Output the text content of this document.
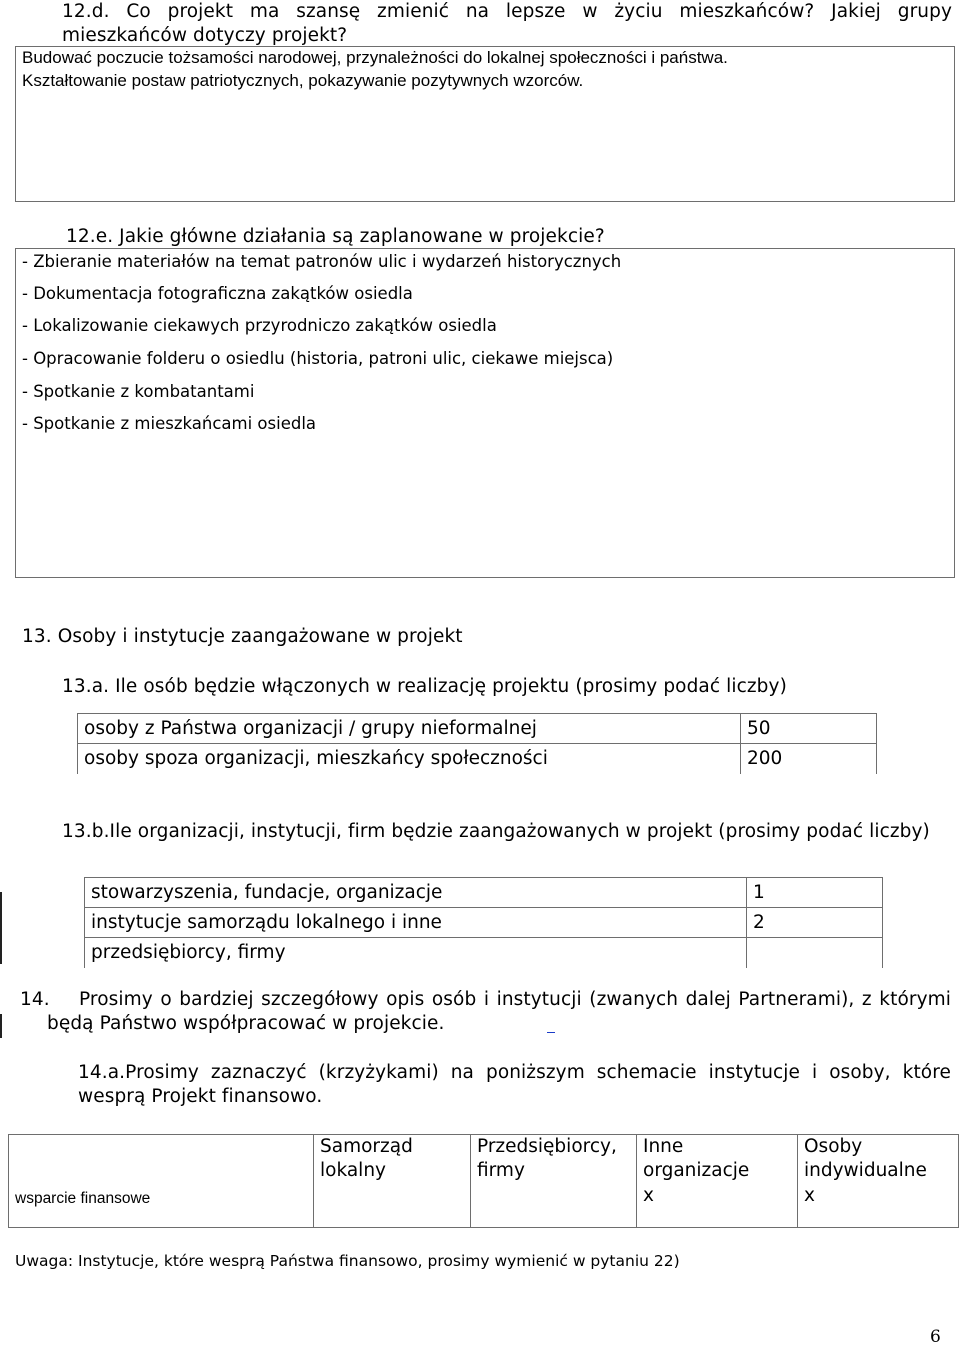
12.d. Co projekt ma szansę zmienić na lepsze w życiu mieszkańców? Jakiej grupy mieszkańców dotyczy projekt?
Budować poczucie tożsamości narodowej, przynależności do lokalnej społeczności i państwa.
Kształtowanie postaw patriotycznych, pokazywanie pozytywnych wzorców.
12.e. Jakie główne działania są zaplanowane w projekcie?
- Zbieranie materiałów na temat patronów ulic i wydarzeń historycznych
- Dokumentacja fotograficzna zakątków osiedla
- Lokalizowanie ciekawych przyrodniczo zakątków osiedla
- Opracowanie folderu o osiedlu (historia, patroni ulic, ciekawe miejsca)
- Spotkanie z kombatantami
- Spotkanie z mieszkańcami osiedla
13. Osoby i instytucje zaangażowane w projekt
13.a. Ile osób będzie włączonych w realizację projektu (prosimy podać liczby)
osoby z Państwa organizacji / grupy nieformalnej	50
osoby spoza organizacji, mieszkańcy społeczności	200
13.b.Ile organizacji, instytucji, firm będzie zaangażowanych w projekt (prosimy podać liczby)
stowarzyszenia, fundacje, organizacje	1
instytucje samorządu lokalnego i inne	2
przedsiębiorcy, firmy	
14.	Prosimy o bardziej szczegółowy opis osób i instytucji (zwanych dalej Partnerami), z którymi będą Państwo współpracować w projekcie.
14.a.Prosimy zaznaczyć (krzyżykami) na poniższym schemacie instytucje i osoby, które wesprą Projekt finansowo.
	Samorząd lokalny	Przedsiębiorcy, firmy	Inne organizacje	Osoby indywidualne
wsparcie finansowe			x	x
Uwaga: Instytucje, które wesprą Państwa finansowo, prosimy wymienić w pytaniu 22)
6
